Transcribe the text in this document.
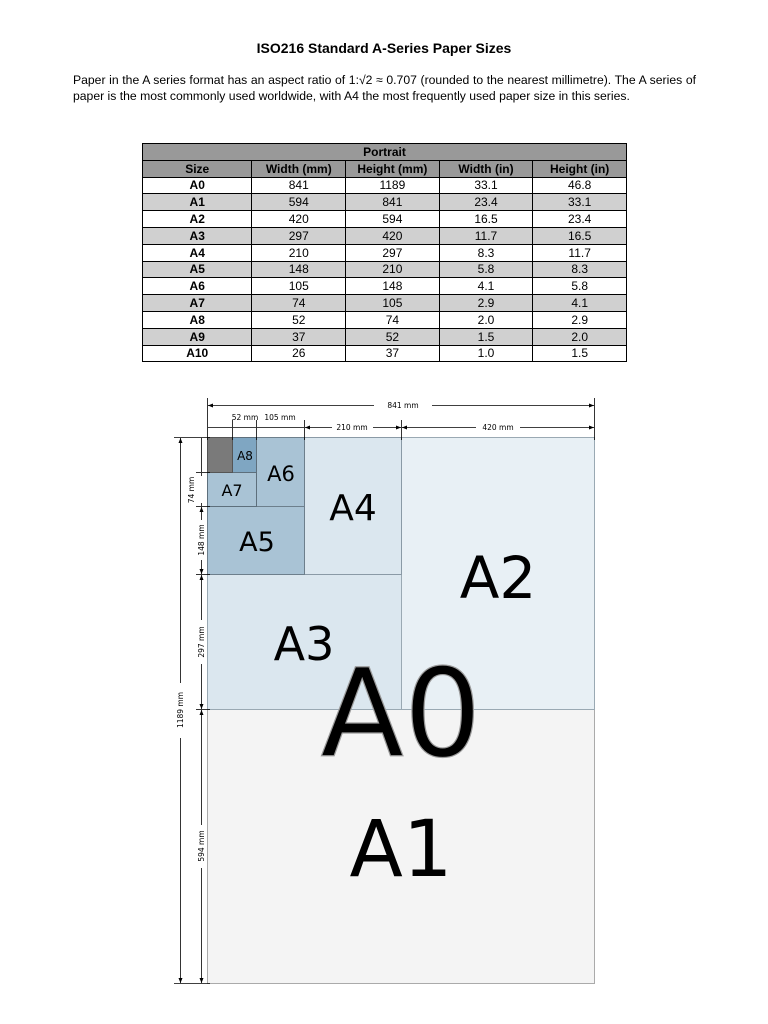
ISO216 Standard A-Series Paper Sizes
Paper in the A series format has an aspect ratio of 1:√2 ≈ 0.707 (rounded to the nearest millimetre). The A series of paper is the most commonly used worldwide, with A4 the most frequently used paper size in this series.
Portrait				
Size	Width (mm)	Height (mm)	Width (in)	Height (in)
A0	841	1189	33.1	46.8
A1	594	841	23.4	33.1
A2	420	594	16.5	23.4
A3	297	420	11.7	16.5
A4	210	297	8.3	11.7
A5	148	210	5.8	8.3
A6	105	148	4.1	5.8
A7	74	105	2.9	4.1
A8	52	74	2.0	2.9
A9	37	52	1.5	2.0
A10	26	37	1.0	1.5
A0
A1
A2
A3
A4
A5
A6
A7
A8
841 mm
52 mm 105 mm
210 mm	420 mm
1189 mm
74 mm
148 mm
297 mm
594 mm
